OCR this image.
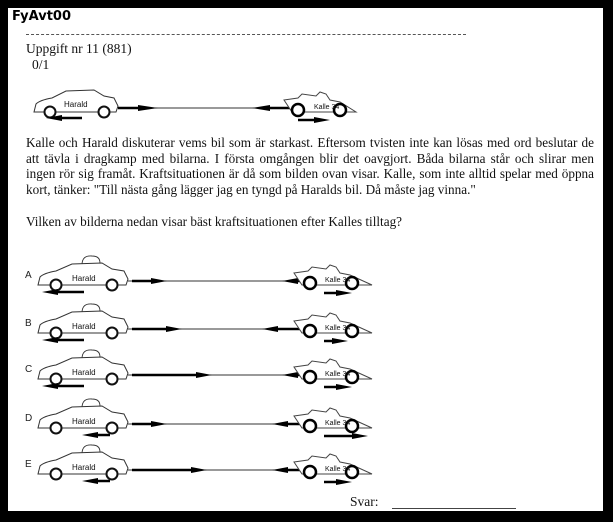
FyAvt00
Uppgift nr 11 (881)
0/1
Harald	Kalle 34

Kalle och Harald diskuterar vems bil som är starkast. Eftersom tvisten inte kan lösas med ord beslutar de att tävla i dragkamp med bilarna. I första omgången blir det oavgjort. Båda bilarna står och slirar men ingen rör sig framåt. Kraftsituationen är då som bilden ovan visar. Kalle, som inte alltid spelar med öppna kort, tänker: "Till nästa gång lägger jag en tyngd på Haralds bil. Då måste jag vinna."

Vilken av bilderna nedan visar bäst kraftsituationen efter Kalles tilltag?
A	Harald	Kalle 34
B	Harald	Kalle 34
C	Harald	Kalle 34
D	Harald	Kalle 34
E	Harald	Kalle 34
Svar:
